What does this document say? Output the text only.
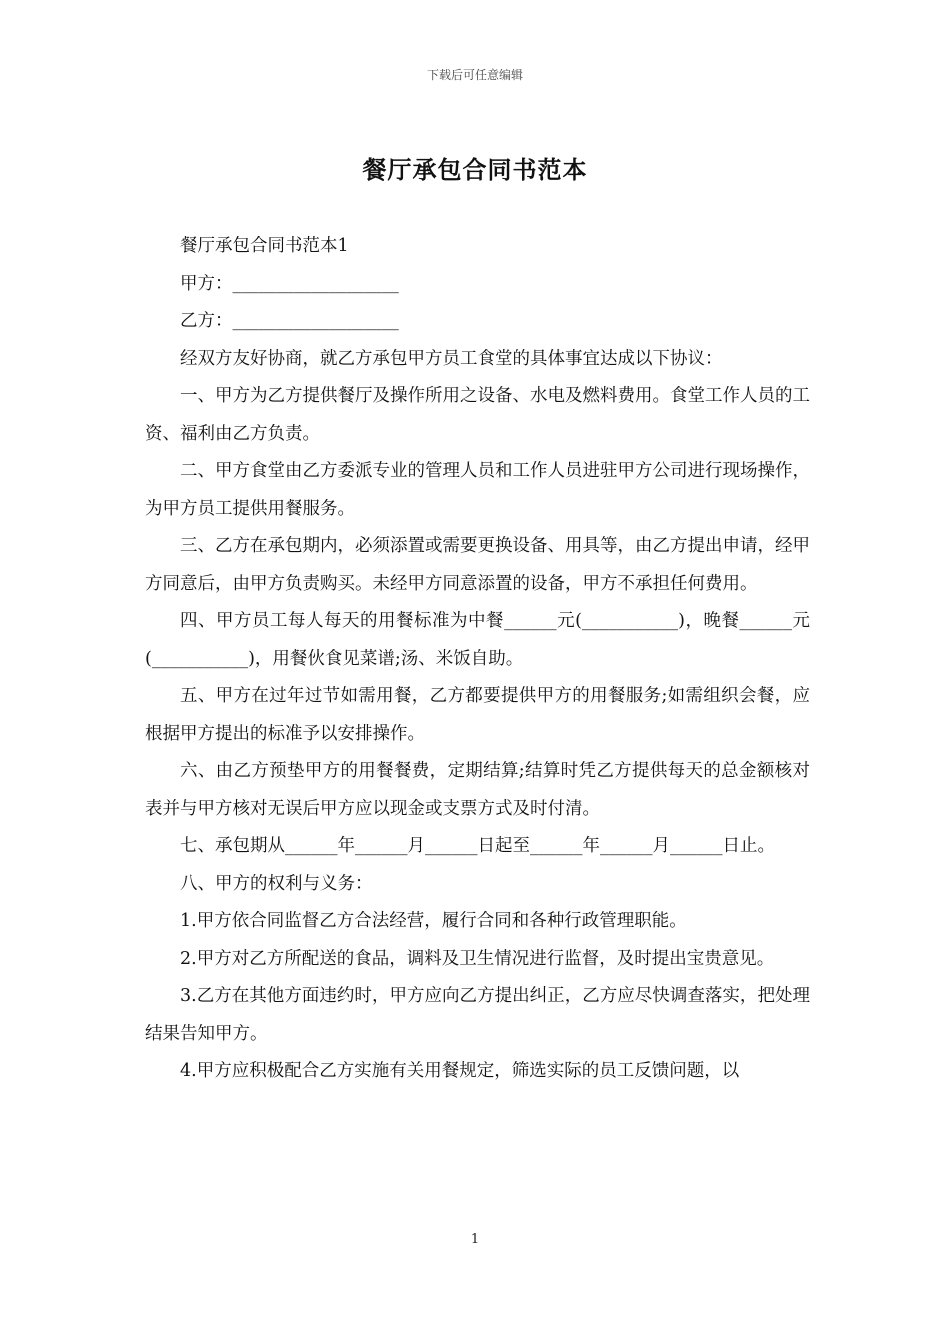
下载后可任意编辑
餐厅承包合同书范本

餐厅承包合同书范本1

甲方：___________________

乙方：___________________

经双方友好协商，就乙方承包甲方员工食堂的具体事宜达成以下协议：

一、甲方为乙方提供餐厅及操作所用之设备、水电及燃料费用。食堂工作人员的工资、福利由乙方负责。

二、甲方食堂由乙方委派专业的管理人员和工作人员进驻甲方公司进行现场操作，为甲方员工提供用餐服务。

三、乙方在承包期内，必须添置或需要更换设备、用具等，由乙方提出申请，经甲方同意后，由甲方负责购买。未经甲方同意添置的设备，甲方不承担任何费用。

四、甲方员工每人每天的用餐标准为中餐______元(___________)，晚餐______元(___________)，用餐伙食见菜谱;汤、米饭自助。

五、甲方在过年过节如需用餐，乙方都要提供甲方的用餐服务;如需组织会餐，应根据甲方提出的标准予以安排操作。

六、由乙方预垫甲方的用餐餐费，定期结算;结算时凭乙方提供每天的总金额核对表并与甲方核对无误后甲方应以现金或支票方式及时付清。

七、承包期从______年______月______日起至______年______月______日止。

八、甲方的权利与义务：

1.甲方依合同监督乙方合法经营，履行合同和各种行政管理职能。

2.甲方对乙方所配送的食品，调料及卫生情况进行监督，及时提出宝贵意见。

3.乙方在其他方面违约时，甲方应向乙方提出纠正，乙方应尽快调查落实，把处理结果告知甲方。

4.甲方应积极配合乙方实施有关用餐规定，筛选实际的员工反馈问题，以

1
